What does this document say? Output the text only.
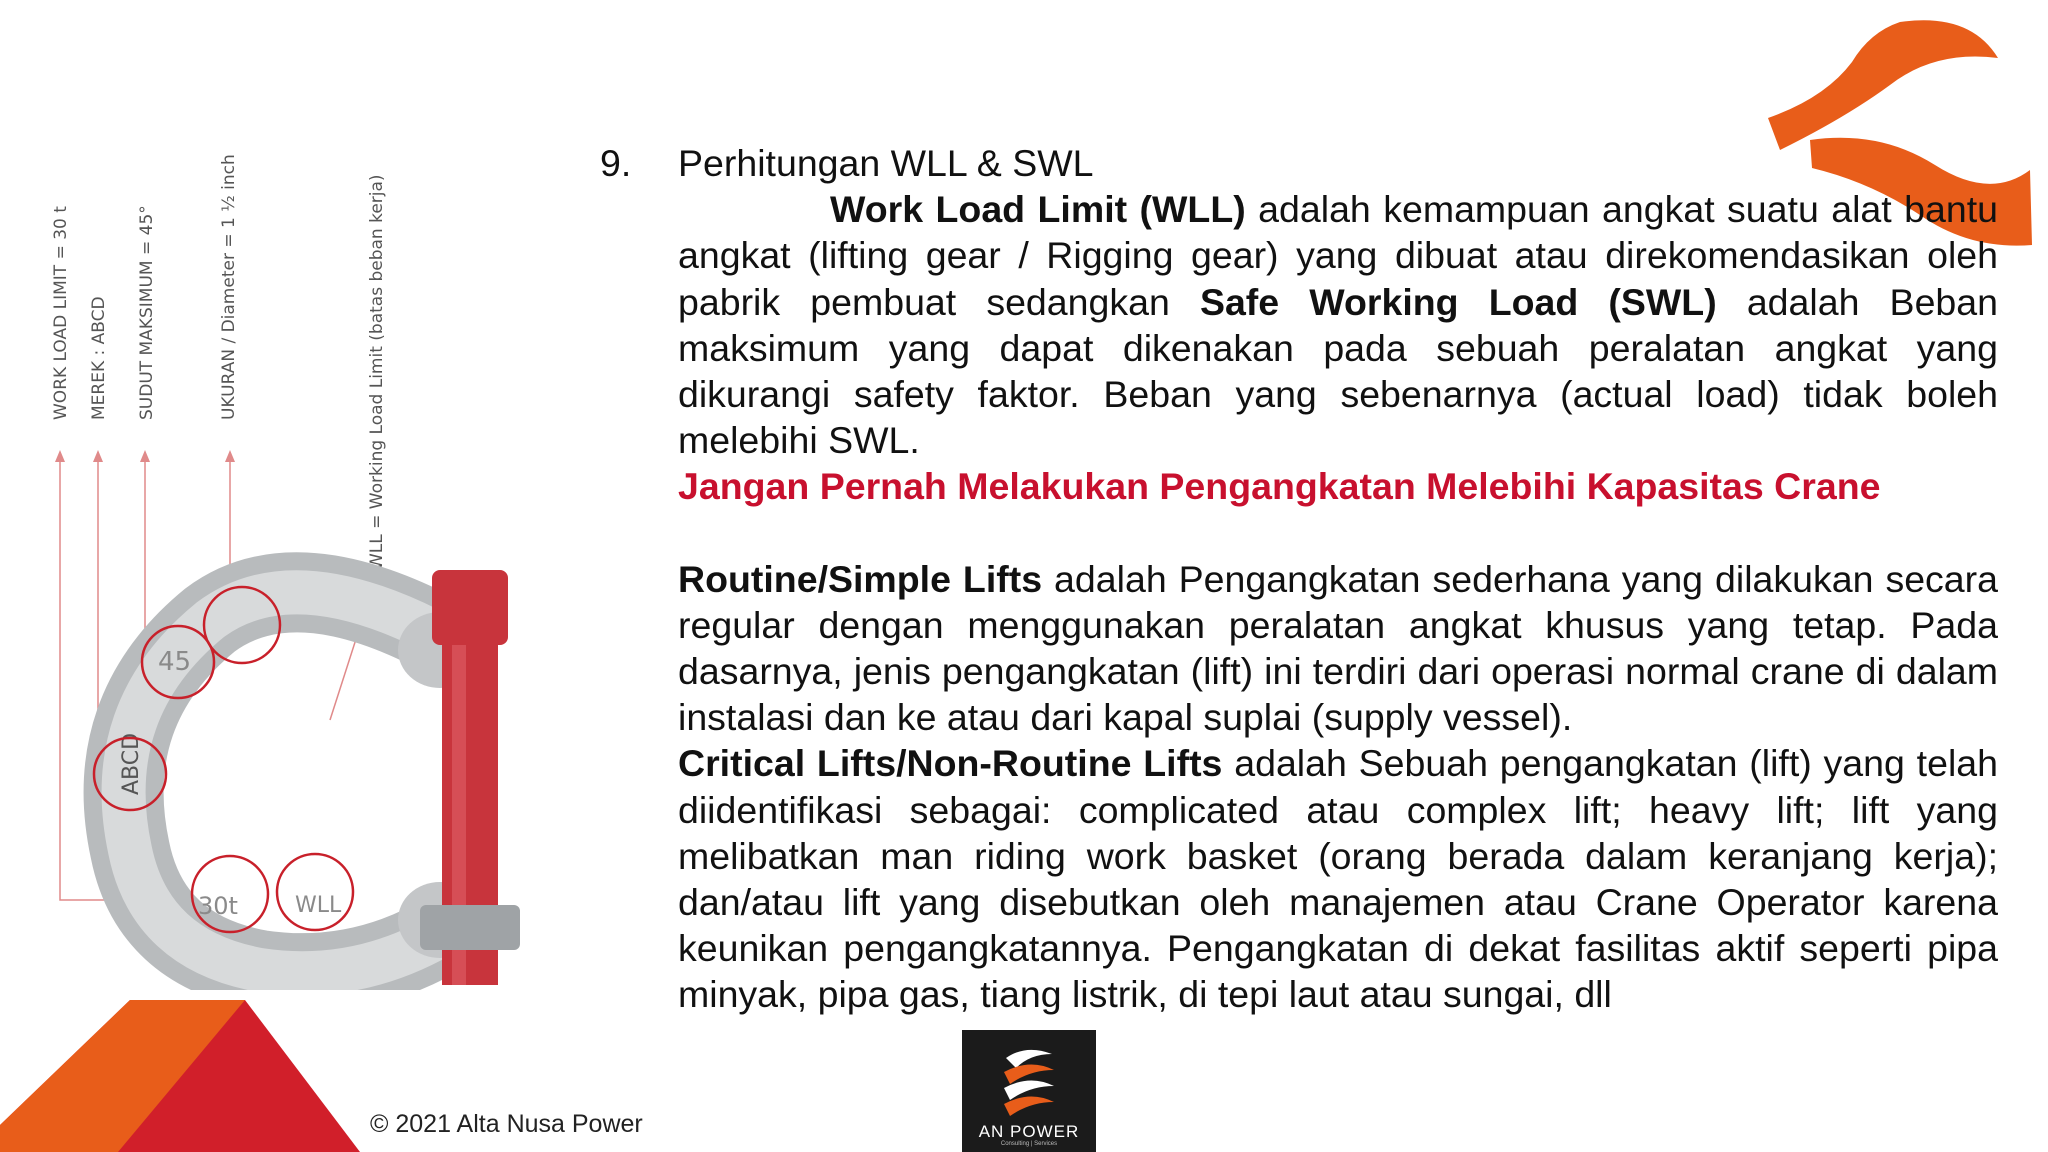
WORK LOAD LIMIT = 30 t MEREK : ABCD SUDUT MAKSIMUM = 45°	UKURAN / Diameter = 1 ½ inch	WLL = Working Load Limit (batas beban kerja)
45
ABCD
30t	WLL
9.	Perhitungan WLL & SWL

Work Load Limit (WLL) adalah kemampuan angkat suatu alat bantu angkat (lifting gear / Rigging gear) yang dibuat atau direkomendasikan oleh pabrik pembuat sedangkan Safe Working Load (SWL) adalah Beban maksimum yang dapat dikenakan pada sebuah peralatan angkat yang dikurangi safety faktor. Beban yang sebenarnya (actual load) tidak boleh melebihi SWL.

Jangan Pernah Melakukan Pengangkatan Melebihi Kapasitas Crane

Routine/Simple Lifts adalah Pengangkatan sederhana yang dilakukan secara regular dengan menggunakan peralatan angkat khusus yang tetap. Pada dasarnya, jenis pengangkatan (lift) ini terdiri dari operasi normal crane di dalam instalasi dan ke atau dari kapal suplai (supply vessel).

Critical Lifts/Non-Routine Lifts adalah Sebuah pengangkatan (lift) yang telah diidentifikasi sebagai: complicated atau complex lift; heavy lift; lift yang melibatkan man riding work basket (orang berada dalam keranjang kerja); dan/atau lift yang disebutkan oleh manajemen atau Crane Operator karena keunikan pengangkatannya. Pengangkatan di dekat fasilitas aktif seperti pipa minyak, pipa gas, tiang listrik, di tepi laut atau sungai, dll

© 2021 Alta Nusa Power	AN POWER
Consulting | Services
